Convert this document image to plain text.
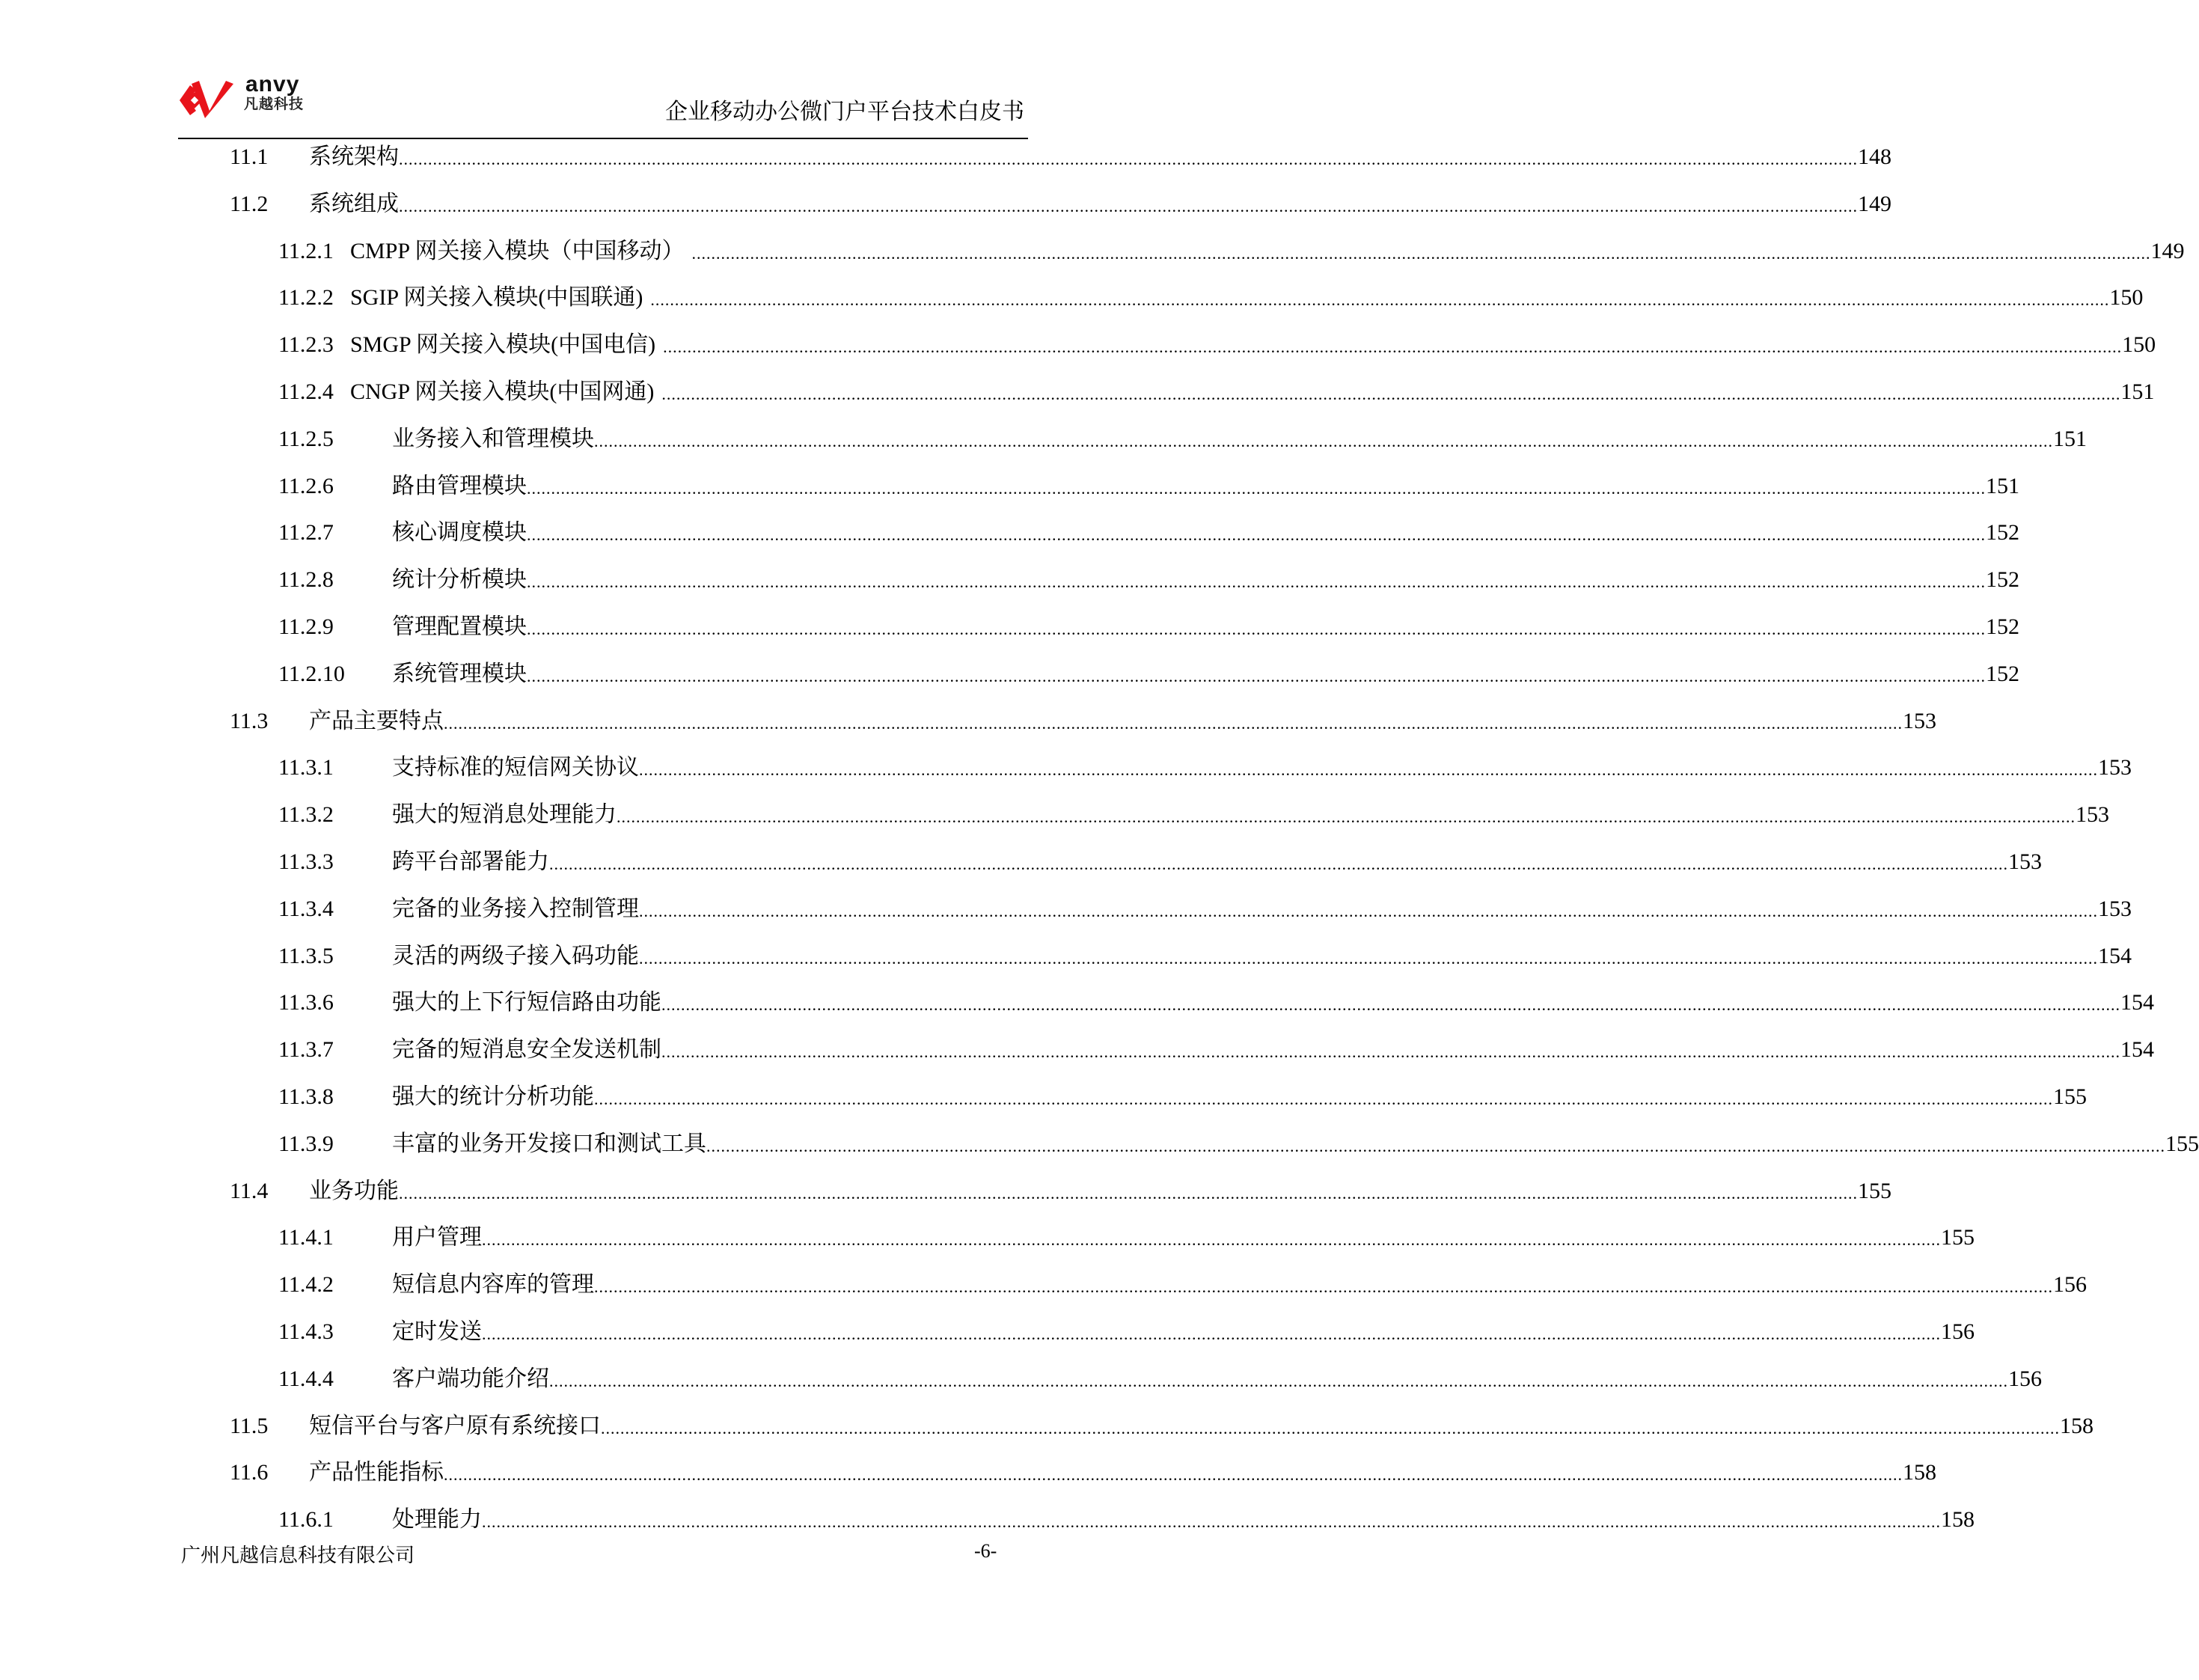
anvy
凡越科技	企业移动办公微门户平台技术白皮书
11.1	系统架构 ............................................................................................................................................................................................................................................................................................................ 148
11.2	系统组成 ............................................................................................................................................................................................................................................................................................................ 149
11.2.1 CMPP 网关接入模块（中国移动） ............................................................................................................................................................................................................................................................................................................ 149
11.2.2 SGIP 网关接入模块(中国联通) ............................................................................................................................................................................................................................................................................................................ 150
11.2.3 SMGP 网关接入模块(中国电信) ............................................................................................................................................................................................................................................................................................................ 150
11.2.4 CNGP 网关接入模块(中国网通) ............................................................................................................................................................................................................................................................................................................ 151
11.2.5	业务接入和管理模块 ............................................................................................................................................................................................................................................................................................................ 151
11.2.6	路由管理模块 ............................................................................................................................................................................................................................................................................................................ 151
11.2.7	核心调度模块 ............................................................................................................................................................................................................................................................................................................ 152
11.2.8	统计分析模块 ............................................................................................................................................................................................................................................................................................................ 152
11.2.9	管理配置模块 ............................................................................................................................................................................................................................................................................................................ 152
11.2.10	系统管理模块 ............................................................................................................................................................................................................................................................................................................ 152
11.3	产品主要特点 ............................................................................................................................................................................................................................................................................................................ 153
11.3.1	支持标准的短信网关协议 ............................................................................................................................................................................................................................................................................................................ 153
11.3.2	强大的短消息处理能力 ............................................................................................................................................................................................................................................................................................................ 153
11.3.3	跨平台部署能力 ............................................................................................................................................................................................................................................................................................................ 153
11.3.4	完备的业务接入控制管理 ............................................................................................................................................................................................................................................................................................................ 153
11.3.5	灵活的两级子接入码功能 ............................................................................................................................................................................................................................................................................................................ 154
11.3.6	强大的上下行短信路由功能 ............................................................................................................................................................................................................................................................................................................ 154
11.3.7	完备的短消息安全发送机制 ............................................................................................................................................................................................................................................................................................................ 154
11.3.8	强大的统计分析功能 ............................................................................................................................................................................................................................................................................................................ 155
11.3.9	丰富的业务开发接口和测试工具 ............................................................................................................................................................................................................................................................................................................ 155
11.4	业务功能 ............................................................................................................................................................................................................................................................................................................ 155
11.4.1	用户管理 ............................................................................................................................................................................................................................................................................................................ 155
11.4.2	短信息内容库的管理 ............................................................................................................................................................................................................................................................................................................ 156
11.4.3	定时发送 ............................................................................................................................................................................................................................................................................................................ 156
11.4.4	客户端功能介绍 ............................................................................................................................................................................................................................................................................................................ 156
11.5	短信平台与客户原有系统接口 ............................................................................................................................................................................................................................................................................................................ 158
11.6	产品性能指标 ............................................................................................................................................................................................................................................................................................................ 158
11.6.1	处理能力 ............................................................................................................................................................................................................................................................................................................ 158
广州凡越信息科技有限公司	-6-
